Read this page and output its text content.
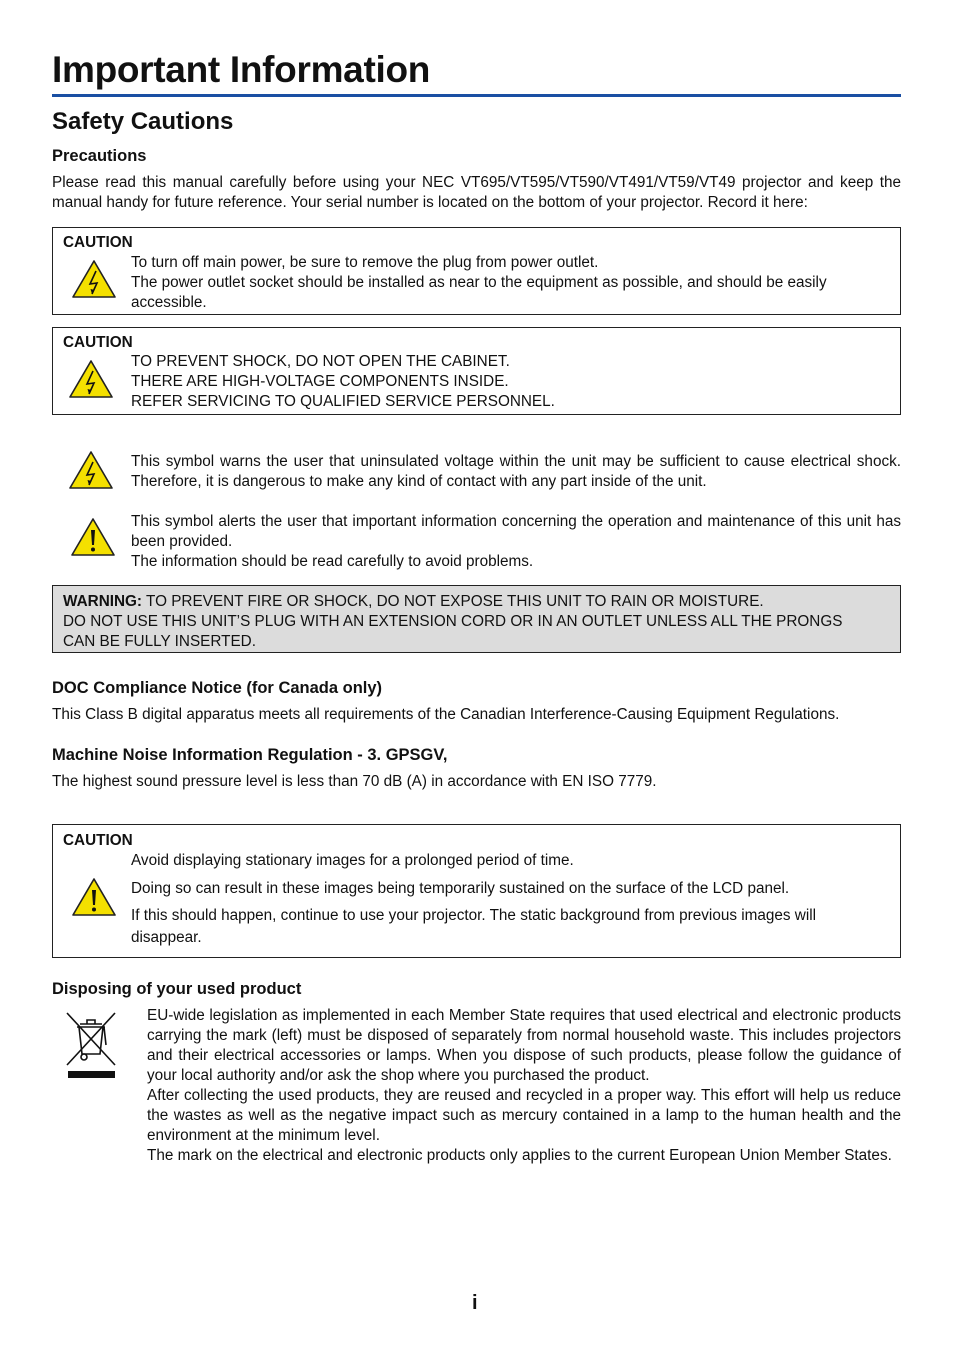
Important Information
Safety Cautions
Precautions

Please read this manual carefully before using your NEC VT695/VT595/VT590/VT491/VT59/VT49 projector and keep the manual handy for future reference. Your serial number is located on the bottom of your projector. Record it here:

CAUTION
To turn off main power, be sure to remove the plug from power outlet.
The power outlet socket should be installed as near to the equipment as possible, and should be easily
accessible.
CAUTION
TO PREVENT SHOCK, DO NOT OPEN THE CABINET.
THERE ARE HIGH-VOLTAGE COMPONENTS INSIDE.
REFER SERVICING TO QUALIFIED SERVICE PERSONNEL.

This symbol warns the user that uninsulated voltage within the unit may be sufficient to cause electrical shock. Therefore, it is dangerous to make any kind of contact with any part inside of the unit.

This symbol alerts the user that important information concerning the operation and maintenance of this unit has been provided.

The information should be read carefully to avoid problems.

WARNING: TO PREVENT FIRE OR SHOCK, DO NOT EXPOSE THIS UNIT TO RAIN OR MOISTURE.
DO NOT USE THIS UNIT’S PLUG WITH AN EXTENSION CORD OR IN AN OUTLET UNLESS ALL THE PRONGS
CAN BE FULLY INSERTED.
DOC Compliance Notice (for Canada only)

This Class B digital apparatus meets all requirements of the Canadian Interference-Causing Equipment Regulations.

Machine Noise Information Regulation - 3. GPSGV,

The highest sound pressure level is less than 70 dB (A) in accordance with EN ISO 7779.

CAUTION
Avoid displaying stationary images for a prolonged period of time.
Doing so can result in these images being temporarily sustained on the surface of the LCD panel.
If this should happen, continue to use your projector. The static background from previous images will
disappear.
Disposing of your used product

EU-wide legislation as implemented in each Member State requires that used electrical and electronic products carrying the mark (left) must be disposed of separately from normal household waste. This includes projectors and their electrical accessories or lamps. When you dispose of such products, please follow the guidance of your local authority and/or ask the shop where you purchased the product.

After collecting the used products, they are reused and recycled in a proper way. This effort will help us reduce the wastes as well as the negative impact such as mercury contained in a lamp to the human health and the environment at the minimum level.

The mark on the electrical and electronic products only applies to the current European Union Member States.

i
